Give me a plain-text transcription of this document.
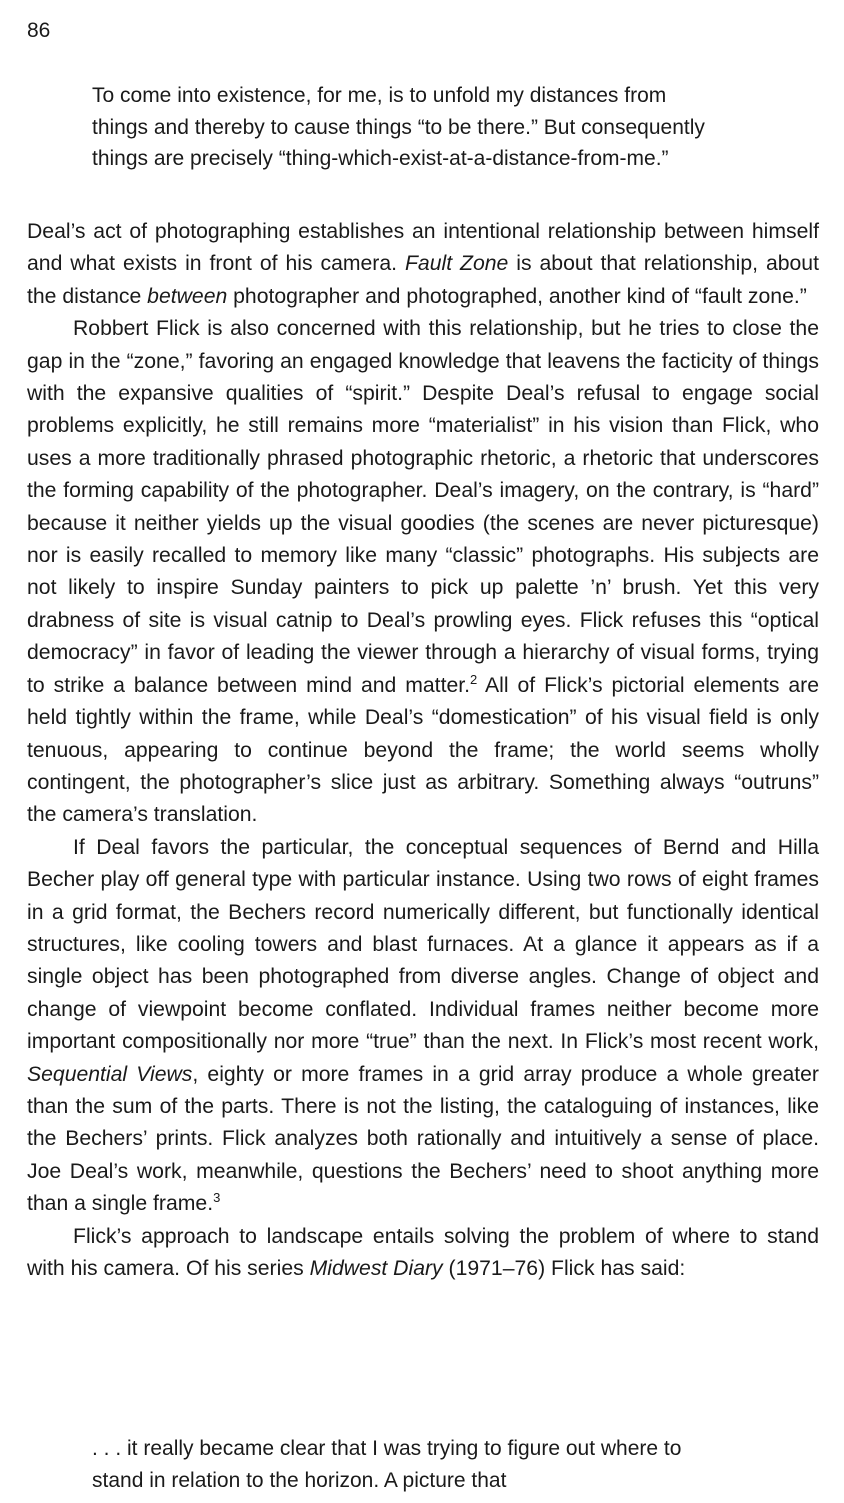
86

To come into existence, for me, is to unfold my distances from things and thereby to cause things “to be there.” But consequently things are precisely “thing-which-exist-at-a-distance-from-me.”

Deal’s act of photographing establishes an intentional relationship between himself and what exists in front of his camera. Fault Zone is about that relationship, about the distance between photographer and photographed, another kind of “fault zone.”

Robbert Flick is also concerned with this relationship, but he tries to close the gap in the “zone,” favoring an engaged knowledge that leavens the facticity of things with the expansive qualities of “spirit.” Despite Deal’s refusal to engage social problems explicitly, he still remains more “materialist” in his vision than Flick, who uses a more traditionally phrased photographic rhetoric, a rhetoric that underscores the forming capability of the photographer. Deal’s imagery, on the contrary, is “hard” because it neither yields up the visual goodies (the scenes are never picturesque) nor is easily recalled to memory like many “classic” photographs. His subjects are not likely to inspire Sunday painters to pick up palette ’n’ brush. Yet this very drabness of site is visual catnip to Deal’s prowling eyes. Flick refuses this “optical democracy” in favor of leading the viewer through a hierarchy of visual forms, trying to strike a balance between mind and matter.$^2$ All of Flick’s pictorial elements are held tightly within the frame, while Deal’s “domestication” of his visual field is only tenuous, appearing to continue beyond the frame; the world seems wholly contingent, the photographer’s slice just as arbitrary. Something always “outruns” the camera’s translation.

If Deal favors the particular, the conceptual sequences of Bernd and Hilla Becher play off general type with particular instance. Using two rows of eight frames in a grid format, the Bechers record numerically different, but functionally identical structures, like cooling towers and blast furnaces. At a glance it appears as if a single object has been photographed from diverse angles. Change of object and change of viewpoint become conflated. Individual frames neither become more important compositionally nor more “true” than the next. In Flick’s most recent work, Sequential Views, eighty or more frames in a grid array produce a whole greater than the sum of the parts. There is not the listing, the cataloguing of instances, like the Bechers’ prints. Flick analyzes both rationally and intuitively a sense of place. Joe Deal’s work, meanwhile, questions the Bechers’ need to shoot anything more than a single frame.$^3$

Flick’s approach to landscape entails solving the problem of where to stand with his camera. Of his series Midwest Diary (1971–76) Flick has said:

. . . it really became clear that I was trying to figure out where to stand in relation to the horizon. A picture that
